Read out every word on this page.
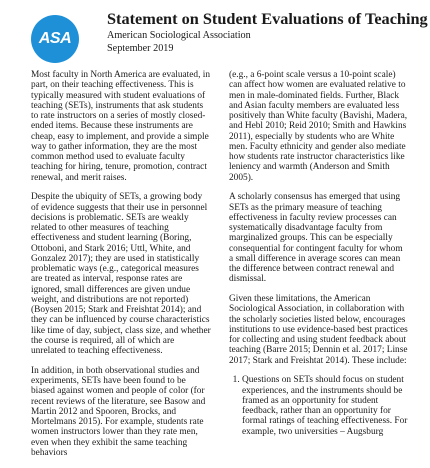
ASA
Statement on Student Evaluations of Teaching
American Sociological Association
September 2019

Most faculty in North America are evaluated, in part, on their teaching effectiveness. This is typically measured with student evaluations of teaching (SETs), instruments that ask students to rate instructors on a series of mostly closed-ended items. Because these instruments are cheap, easy to implement, and provide a simple way to gather information, they are the most common method used to evaluate faculty teaching for hiring, tenure, promotion, contract renewal, and merit raises.

Despite the ubiquity of SETs, a growing body of evidence suggests that their use in personnel decisions is problematic. SETs are weakly related to other measures of teaching effectiveness and student learning (Boring, Ottoboni, and Stark 2016; Uttl, White, and Gonzalez 2017); they are used in statistically problematic ways (e.g., categorical measures are treated as interval, response rates are ignored, small differences are given undue weight, and distributions are not reported) (Boysen 2015; Stark and Freishtat 2014); and they can be influenced by course characteristics like time of day, subject, class size, and whether the course is required, all of which are unrelated to teaching effectiveness.

In addition, in both observational studies and experiments, SETs have been found to be biased against women and people of color (for recent reviews of the literature, see Basow and Martin 2012 and Spooren, Brocks, and Mortelmans 2015). For example, students rate women instructors lower than they rate men, even when they exhibit the same teaching behaviors

(e.g., a 6-point scale versus a 10-point scale) can affect how women are evaluated relative to men in male-dominated fields. Further, Black and Asian faculty members are evaluated less positively than White faculty (Bavishi, Madera, and Hebl 2010; Reid 2010; Smith and Hawkins 2011), especially by students who are White men. Faculty ethnicity and gender also mediate how students rate instructor characteristics like leniency and warmth (Anderson and Smith 2005).

A scholarly consensus has emerged that using SETs as the primary measure of teaching effectiveness in faculty review processes can systematically disadvantage faculty from marginalized groups. This can be especially consequential for contingent faculty for whom a small difference in average scores can mean the difference between contract renewal and dismissal.

Given these limitations, the American Sociological Association, in collaboration with the scholarly societies listed below, encourages institutions to use evidence-based best practices for collecting and using student feedback about teaching (Barre 2015; Dennin et al. 2017; Linse 2017; Stark and Freishtat 2014). These include:

1. Questions on SETs should focus on student experiences, and the instruments should be framed as an opportunity for student feedback, rather than an opportunity for formal ratings of teaching effectiveness. For example, two universities – Augsburg
